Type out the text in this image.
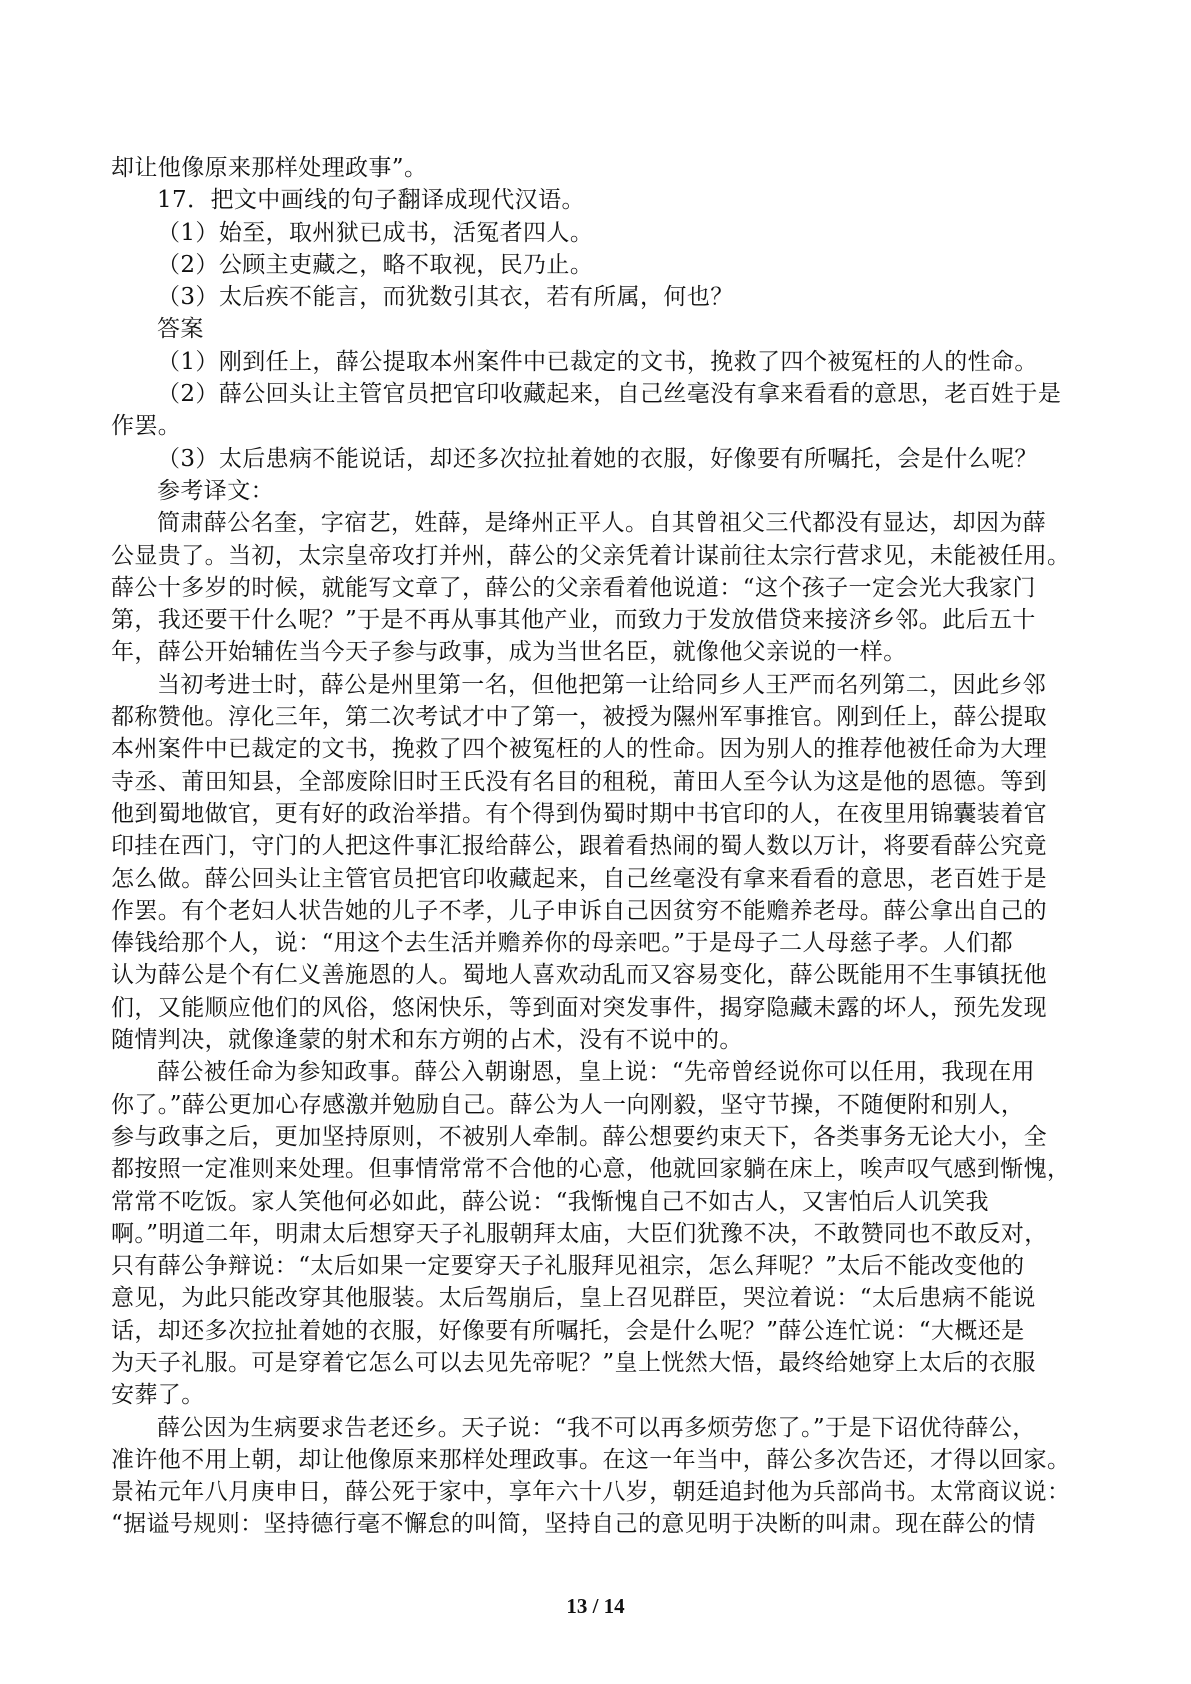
却让他像原来那样处理政事”。
17．把文中画线的句子翻译成现代汉语。
（1）始至，取州狱已成书，活冤者四人。
（2）公顾主吏藏之，略不取视，民乃止。
（3）太后疾不能言，而犹数引其衣，若有所属，何也？
答案
（1）刚到任上，薛公提取本州案件中已裁定的文书，挽救了四个被冤枉的人的性命。
（2）薛公回头让主管官员把官印收藏起来，自己丝毫没有拿来看看的意思，老百姓于是
作罢。
（3）太后患病不能说话，却还多次拉扯着她的衣服，好像要有所嘱托，会是什么呢？
参考译文：
简肃薛公名奎，字宿艺，姓薛，是绛州正平人。自其曾祖父三代都没有显达，却因为薛
公显贵了。当初，太宗皇帝攻打并州，薛公的父亲凭着计谋前往太宗行营求见，未能被任用。
薛公十多岁的时候，就能写文章了，薛公的父亲看着他说道：“这个孩子一定会光大我家门
第，我还要干什么呢？”于是不再从事其他产业，而致力于发放借贷来接济乡邻。此后五十
年，薛公开始辅佐当今天子参与政事，成为当世名臣，就像他父亲说的一样。
当初考进士时，薛公是州里第一名，但他把第一让给同乡人王严而名列第二，因此乡邻
都称赞他。淳化三年，第二次考试才中了第一，被授为隰州军事推官。刚到任上，薛公提取
本州案件中已裁定的文书，挽救了四个被冤枉的人的性命。因为别人的推荐他被任命为大理
寺丞、莆田知县，全部废除旧时王氏没有名目的租税，莆田人至今认为这是他的恩德。等到
他到蜀地做官，更有好的政治举措。有个得到伪蜀时期中书官印的人，在夜里用锦囊装着官
印挂在西门，守门的人把这件事汇报给薛公，跟着看热闹的蜀人数以万计，将要看薛公究竟
怎么做。薛公回头让主管官员把官印收藏起来，自己丝毫没有拿来看看的意思，老百姓于是
作罢。有个老妇人状告她的儿子不孝，儿子申诉自己因贫穷不能赡养老母。薛公拿出自己的
俸钱给那个人，说：“用这个去生活并赡养你的母亲吧。”于是母子二人母慈子孝。人们都
认为薛公是个有仁义善施恩的人。蜀地人喜欢动乱而又容易变化，薛公既能用不生事镇抚他
们，又能顺应他们的风俗，悠闲快乐，等到面对突发事件，揭穿隐藏未露的坏人，预先发现
随情判决，就像逢蒙的射术和东方朔的占术，没有不说中的。
薛公被任命为参知政事。薛公入朝谢恩，皇上说：“先帝曾经说你可以任用，我现在用
你了。”薛公更加心存感激并勉励自己。薛公为人一向刚毅，坚守节操，不随便附和别人，
参与政事之后，更加坚持原则，不被别人牵制。薛公想要约束天下，各类事务无论大小，全
都按照一定准则来处理。但事情常常不合他的心意，他就回家躺在床上，唉声叹气感到惭愧，
常常不吃饭。家人笑他何必如此，薛公说：“我惭愧自己不如古人，又害怕后人讥笑我
啊。”明道二年，明肃太后想穿天子礼服朝拜太庙，大臣们犹豫不决，不敢赞同也不敢反对，
只有薛公争辩说：“太后如果一定要穿天子礼服拜见祖宗，怎么拜呢？”太后不能改变他的
意见，为此只能改穿其他服装。太后驾崩后，皇上召见群臣，哭泣着说：“太后患病不能说
话，却还多次拉扯着她的衣服，好像要有所嘱托，会是什么呢？”薛公连忙说：“大概还是
为天子礼服。可是穿着它怎么可以去见先帝呢？”皇上恍然大悟，最终给她穿上太后的衣服
安葬了。
薛公因为生病要求告老还乡。天子说：“我不可以再多烦劳您了。”于是下诏优待薛公，
准许他不用上朝，却让他像原来那样处理政事。在这一年当中，薛公多次告还，才得以回家。
景祐元年八月庚申日，薛公死于家中，享年六十八岁，朝廷追封他为兵部尚书。太常商议说：
“据谥号规则：坚持德行毫不懈怠的叫简，坚持自己的意见明于决断的叫肃。现在薛公的情
13 / 14
